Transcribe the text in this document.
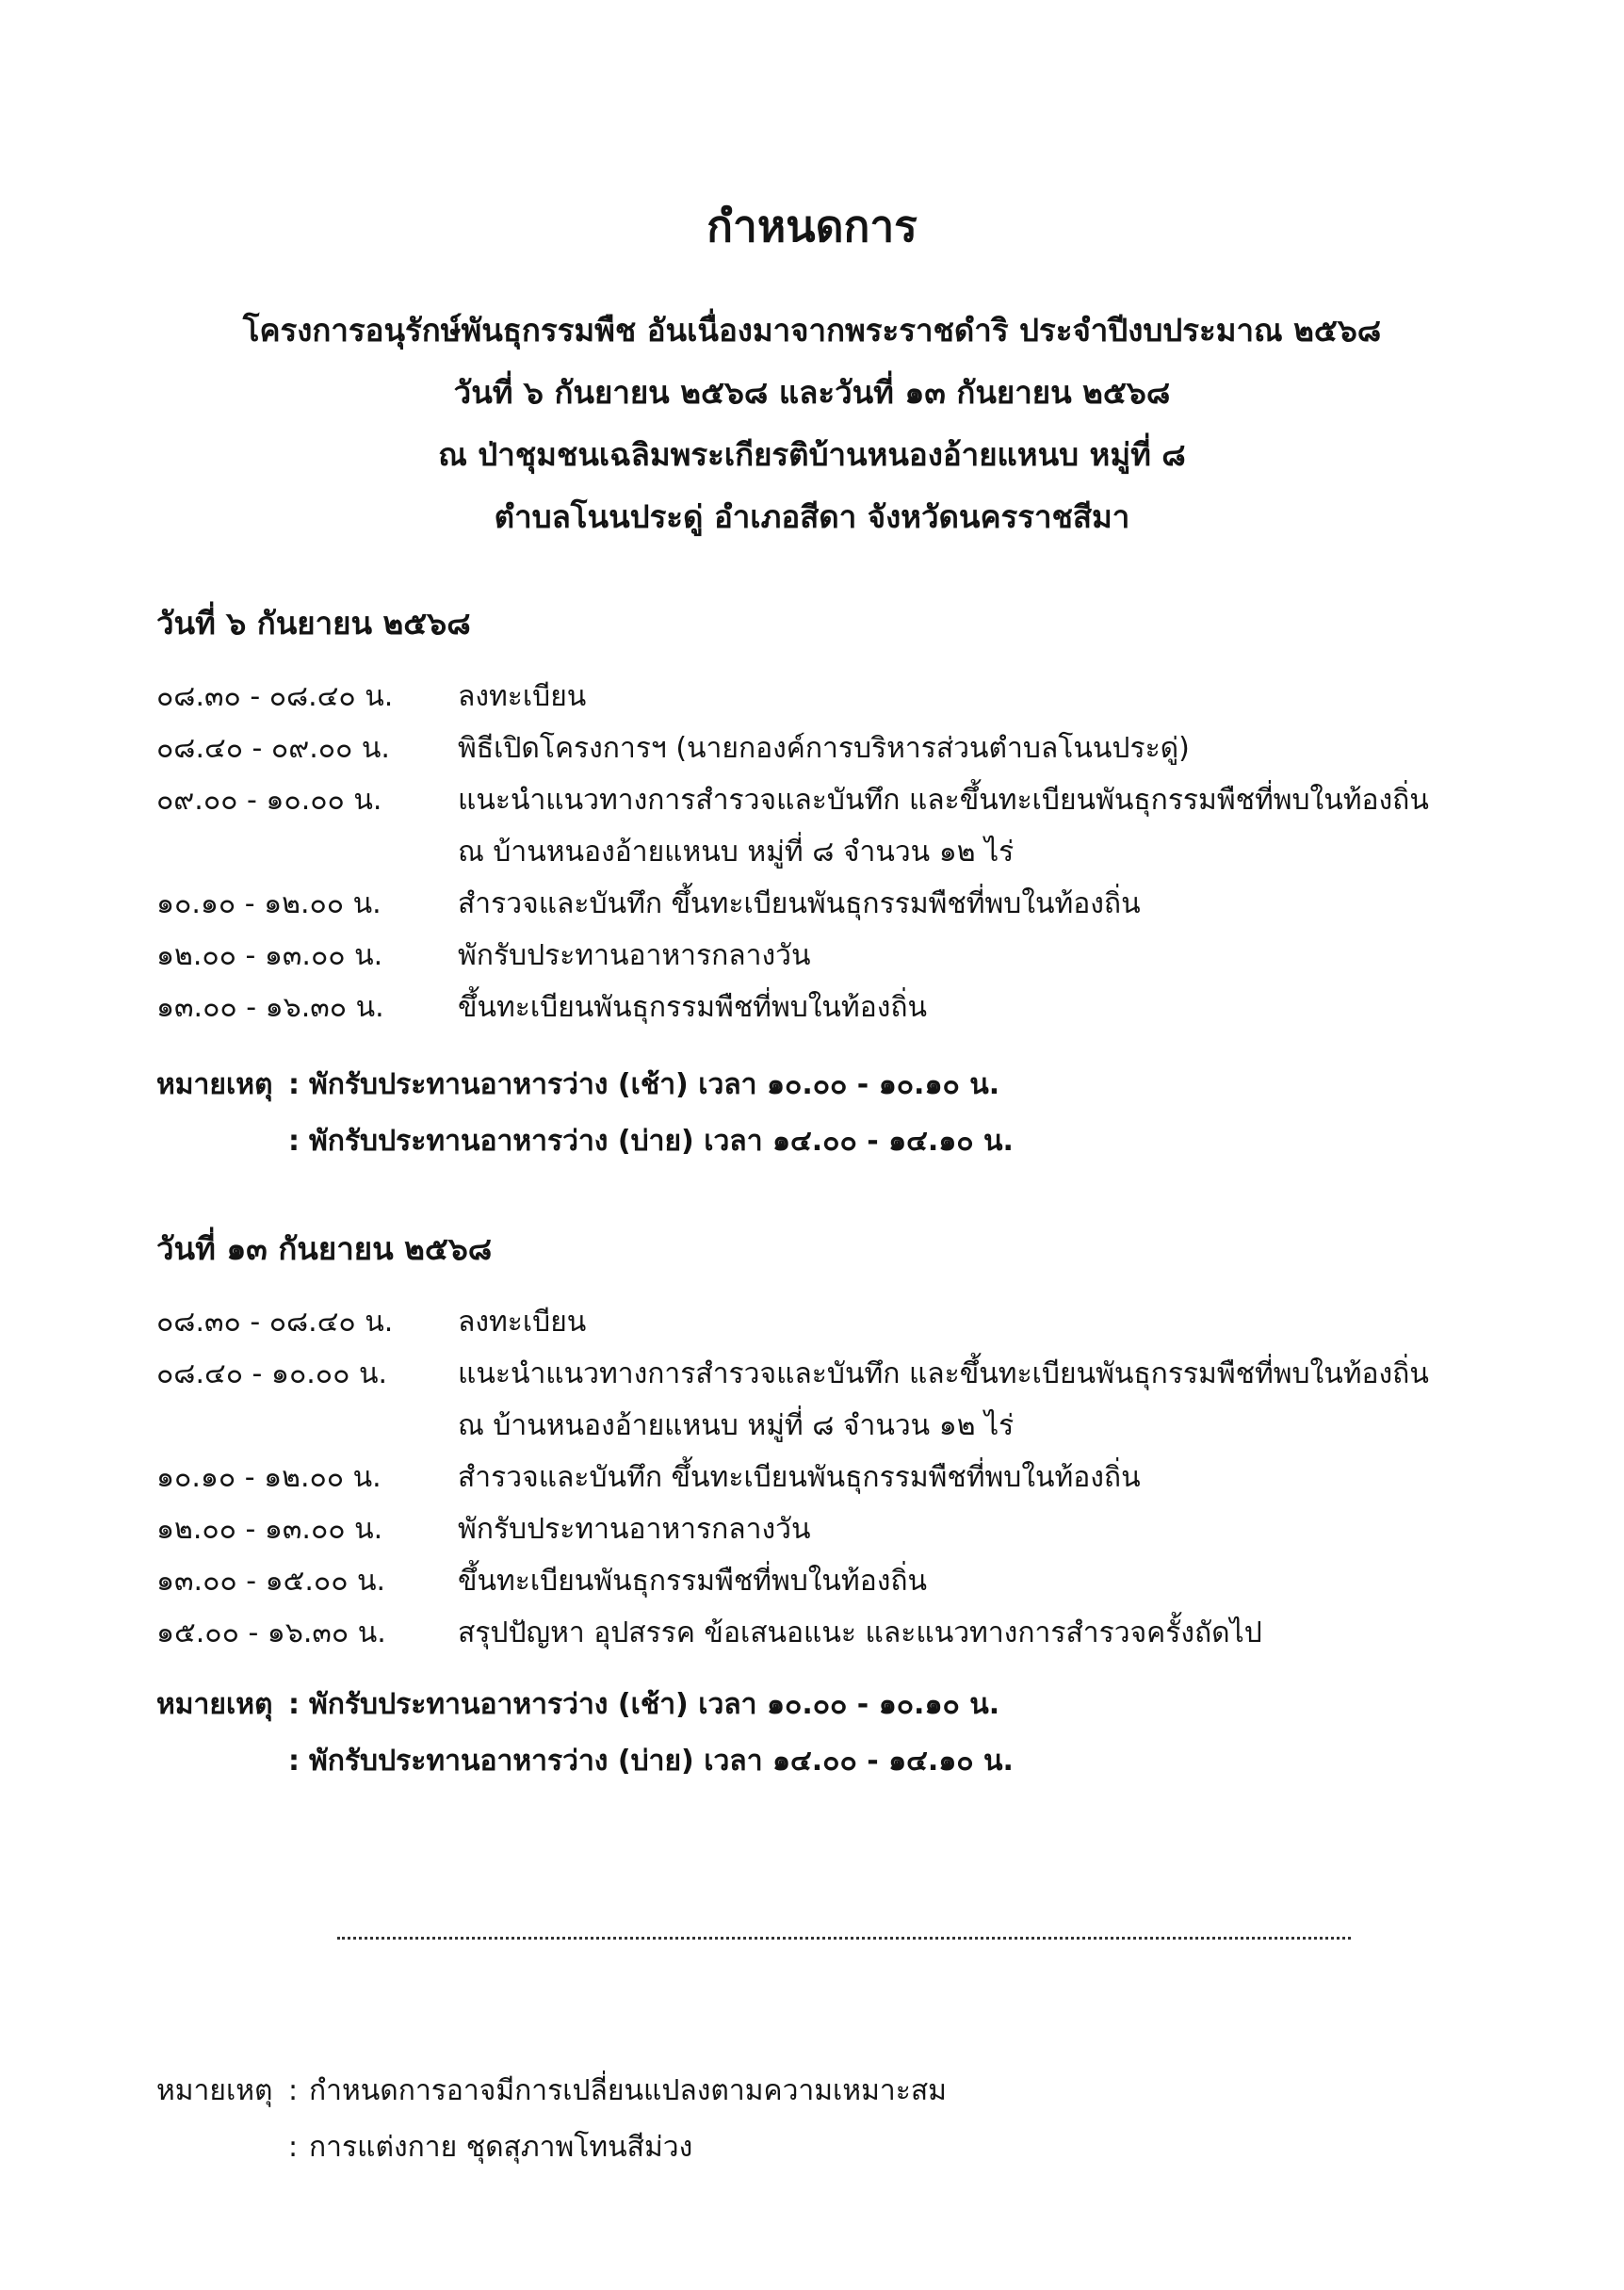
กำหนดการ
โครงการอนุรักษ์พันธุกรรมพืช อันเนื่องมาจากพระราชดำริ ประจำปีงบประมาณ ๒๕๖๘
วันที่ ๖ กันยายน ๒๕๖๘ และวันที่ ๑๓ กันยายน ๒๕๖๘
ณ ป่าชุมชนเฉลิมพระเกียรติบ้านหนองอ้ายแหนบ หมู่ที่ ๘
ตำบลโนนประดู่ อำเภอสีดา จังหวัดนครราชสีมา
วันที่ ๖ กันยายน ๒๕๖๘
๐๘.๓๐ - ๐๘.๔๐ น.	ลงทะเบียน
๐๘.๔๐ - ๐๙.๐๐ น.	พิธีเปิดโครงการฯ (นายกองค์การบริหารส่วนตำบลโนนประดู่)
๐๙.๐๐ - ๑๐.๐๐ น.	แนะนำแนวทางการสำรวจและบันทึก และขึ้นทะเบียนพันธุกรรมพืชที่พบในท้องถิ่น
ณ บ้านหนองอ้ายแหนบ หมู่ที่ ๘ จำนวน ๑๒ ไร่
๑๐.๑๐ - ๑๒.๐๐ น.	สำรวจและบันทึก ขึ้นทะเบียนพันธุกรรมพืชที่พบในท้องถิ่น
๑๒.๐๐ - ๑๓.๐๐ น.	พักรับประทานอาหารกลางวัน
๑๓.๐๐ - ๑๖.๓๐ น.	ขึ้นทะเบียนพันธุกรรมพืชที่พบในท้องถิ่น
หมายเหตุ : พักรับประทานอาหารว่าง (เช้า) เวลา ๑๐.๐๐ - ๑๐.๑๐ น.
: พักรับประทานอาหารว่าง (บ่าย) เวลา ๑๔.๐๐ - ๑๔.๑๐ น.
วันที่ ๑๓ กันยายน ๒๕๖๘
๐๘.๓๐ - ๐๘.๔๐ น.	ลงทะเบียน
๐๘.๔๐ - ๑๐.๐๐ น.	แนะนำแนวทางการสำรวจและบันทึก และขึ้นทะเบียนพันธุกรรมพืชที่พบในท้องถิ่น
ณ บ้านหนองอ้ายแหนบ หมู่ที่ ๘ จำนวน ๑๒ ไร่
๑๐.๑๐ - ๑๒.๐๐ น.	สำรวจและบันทึก ขึ้นทะเบียนพันธุกรรมพืชที่พบในท้องถิ่น
๑๒.๐๐ - ๑๓.๐๐ น.	พักรับประทานอาหารกลางวัน
๑๓.๐๐ - ๑๕.๐๐ น.	ขึ้นทะเบียนพันธุกรรมพืชที่พบในท้องถิ่น
๑๕.๐๐ - ๑๖.๓๐ น.	สรุปปัญหา อุปสรรค ข้อเสนอแนะ และแนวทางการสำรวจครั้งถัดไป
หมายเหตุ : พักรับประทานอาหารว่าง (เช้า) เวลา ๑๐.๐๐ - ๑๐.๑๐ น.
: พักรับประทานอาหารว่าง (บ่าย) เวลา ๑๔.๐๐ - ๑๔.๑๐ น.
หมายเหตุ : กำหนดการอาจมีการเปลี่ยนแปลงตามความเหมาะสม
: การแต่งกาย ชุดสุภาพโทนสีม่วง
